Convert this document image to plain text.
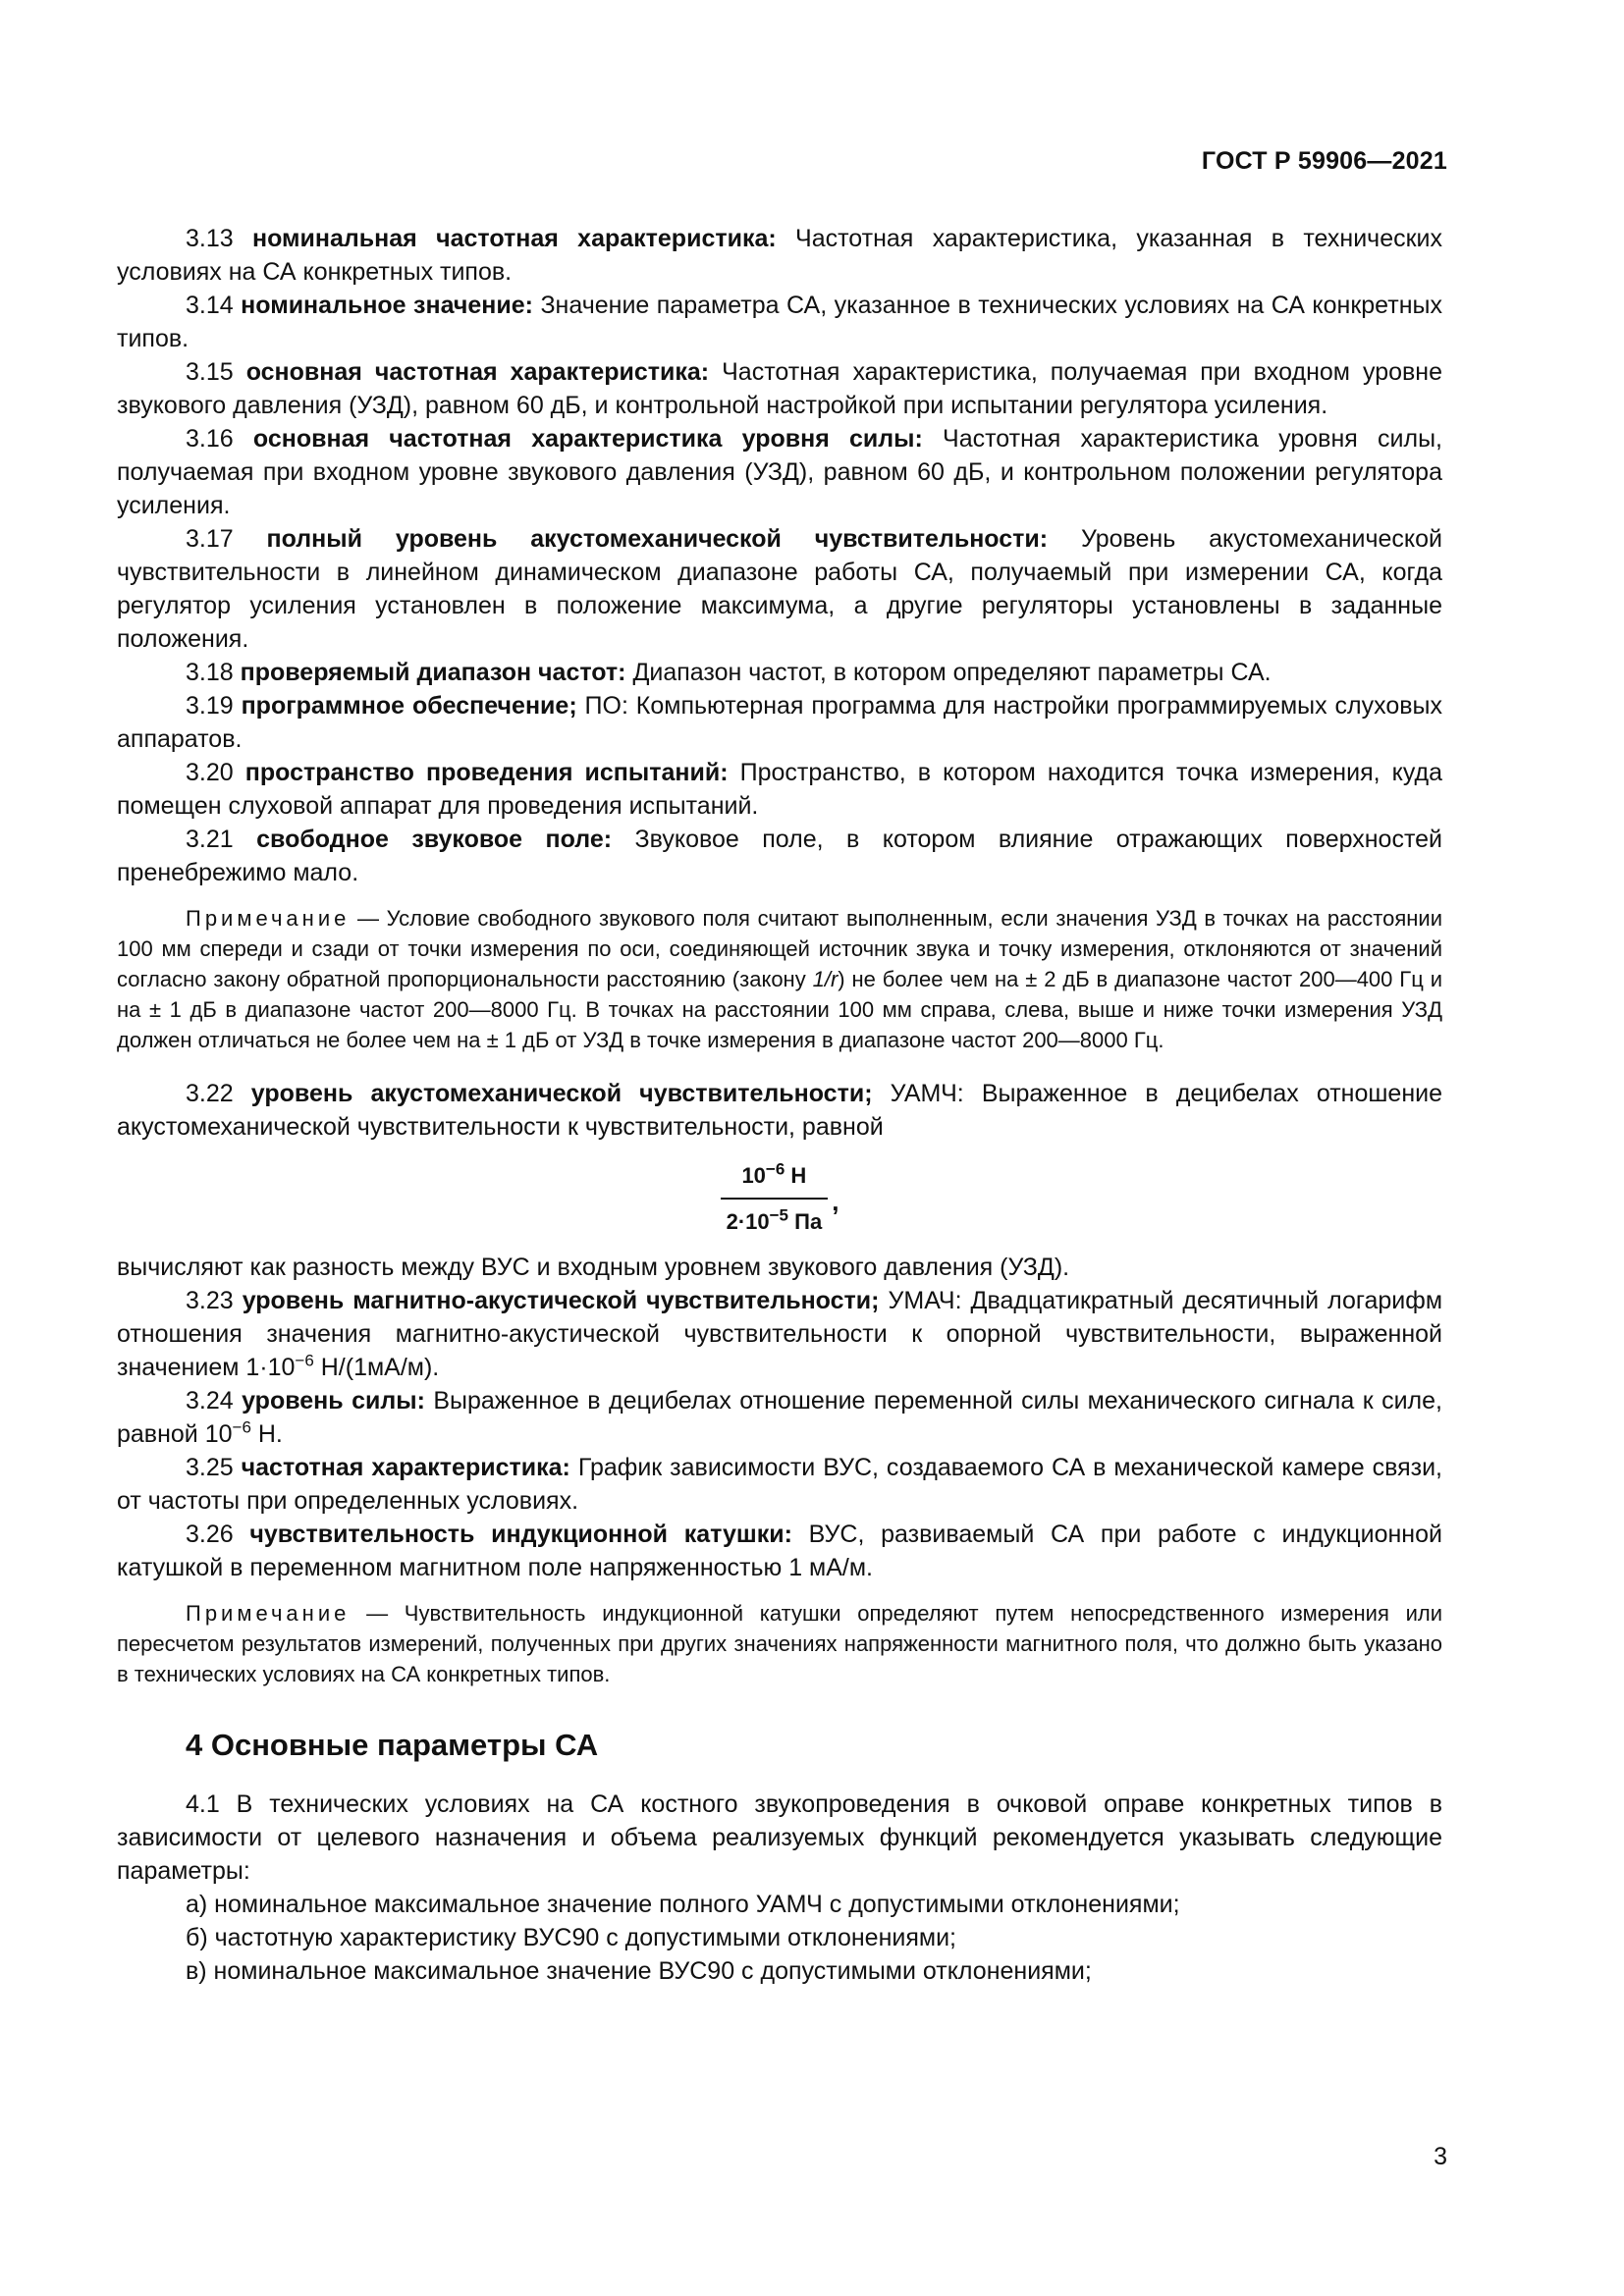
ГОСТ Р 59906—2021

3.13 номинальная частотная характеристика: Частотная характеристика, указанная в технических условиях на СА конкретных типов.

3.14 номинальное значение: Значение параметра СА, указанное в технических условиях на СА конкретных типов.

3.15 основная частотная характеристика: Частотная характеристика, получаемая при входном уровне звукового давления (УЗД), равном 60 дБ, и контрольной настройкой при испытании регулятора усиления.

3.16 основная частотная характеристика уровня силы: Частотная характеристика уровня силы, получаемая при входном уровне звукового давления (УЗД), равном 60 дБ, и контрольном положении регулятора усиления.

3.17 полный уровень акустомеханической чувствительности: Уровень акустомеханической чувствительности в линейном динамическом диапазоне работы СА, получаемый при измерении СА, когда регулятор усиления установлен в положение максимума, а другие регуляторы установлены в заданные положения.

3.18 проверяемый диапазон частот: Диапазон частот, в котором определяют параметры СА.

3.19 программное обеспечение; ПО: Компьютерная программа для настройки программируемых слуховых аппаратов.

3.20 пространство проведения испытаний: Пространство, в котором находится точка измерения, куда помещен слуховой аппарат для проведения испытаний.

3.21 свободное звуковое поле: Звуковое поле, в котором влияние отражающих поверхностей пренебрежимо мало.

Примечание — Условие свободного звукового поля считают выполненным, если значения УЗД в точках на расстоянии 100 мм спереди и сзади от точки измерения по оси, соединяющей источник звука и точку измерения, отклоняются от значений согласно закону обратной пропорциональности расстоянию (закону 1/r) не более чем на ± 2 дБ в диапазоне частот 200—400 Гц и на ± 1 дБ в диапазоне частот 200—8000 Гц. В точках на расстоянии 100 мм справа, слева, выше и ниже точки измерения УЗД должен отличаться не более чем на ± 1 дБ от УЗД в точке измерения в диапазоне частот 200—8000 Гц.

3.22 уровень акустомеханической чувствительности; УАМЧ: Выраженное в децибелах отношение акустомеханической чувствительности к чувствительности, равной

$\frac{10^{-6} Н}{2\cdot 10^{-5} Па}$ ,

вычисляют как разность между ВУС и входным уровнем звукового давления (УЗД).

3.23 уровень магнитно-акустической чувствительности; УМАЧ: Двадцатикратный десятичный логарифм отношения значения магнитно-акустической чувствительности к опорной чувствительности, выраженной значением $1\cdot 10^{-6}$ Н/(1мА/м).

3.24 уровень силы: Выраженное в децибелах отношение переменной силы механического сигнала к силе, равной $10^{-6}$ Н.

3.25 частотная характеристика: График зависимости ВУС, создаваемого СА в механической камере связи, от частоты при определенных условиях.

3.26 чувствительность индукционной катушки: ВУС, развиваемый СА при работе с индукционной катушкой в переменном магнитном поле напряженностью 1 мА/м.

Примечание — Чувствительность индукционной катушки определяют путем непосредственного измерения или пересчетом результатов измерений, полученных при других значениях напряженности магнитного поля, что должно быть указано в технических условиях на СА конкретных типов.
4 Основные параметры СА

4.1 В технических условиях на СА костного звукопроведения в очковой оправе конкретных типов в зависимости от целевого назначения и объема реализуемых функций рекомендуется указывать следующие параметры:

а) номинальное максимальное значение полного УАМЧ с допустимыми отклонениями;

б) частотную характеристику ВУС90 с допустимыми отклонениями;

в) номинальное максимальное значение ВУС90 с допустимыми отклонениями;

3
